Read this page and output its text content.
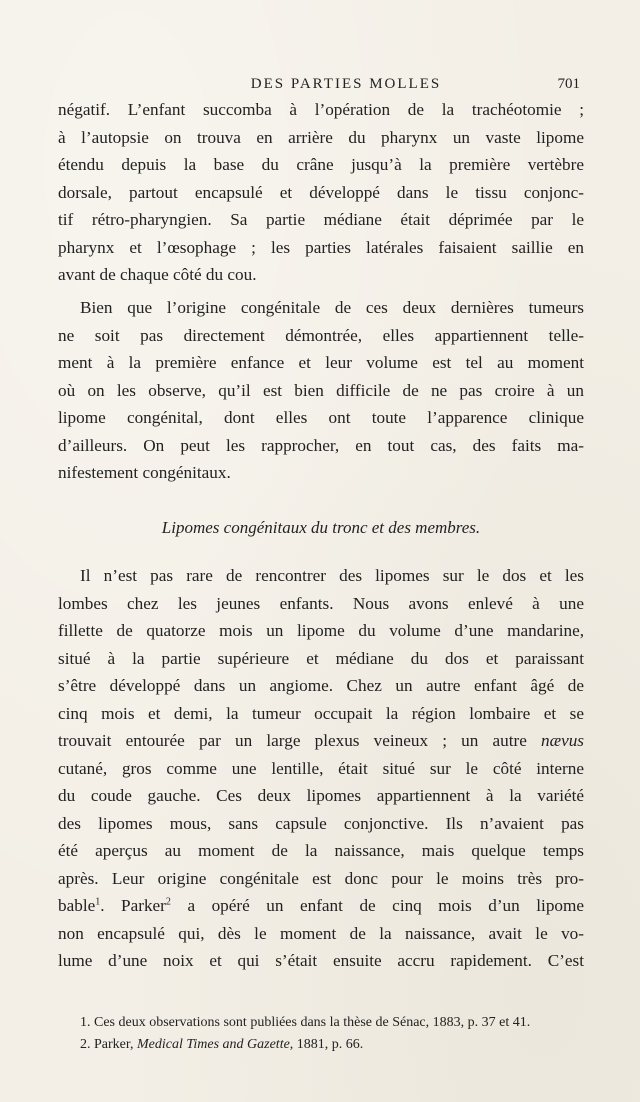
DES PARTIES MOLLES	701
négatif. L’enfant succomba à l’opération de la trachéotomie ;
à l’autopsie on trouva en arrière du pharynx un vaste lipome
étendu depuis la base du crâne jusqu’à la première vertèbre
dorsale, partout encapsulé et développé dans le tissu conjonc-
tif rétro-pharyngien. Sa partie médiane était déprimée par le
pharynx et l’œsophage ; les parties latérales faisaient saillie en
avant de chaque côté du cou.
Bien que l’origine congénitale de ces deux dernières tumeurs
ne soit pas directement démontrée, elles appartiennent telle-
ment à la première enfance et leur volume est tel au moment
où on les observe, qu’il est bien difficile de ne pas croire à un
lipome congénital, dont elles ont toute l’apparence clinique
d’ailleurs. On peut les rapprocher, en tout cas, des faits ma-
nifestement congénitaux.
Lipomes congénitaux du tronc et des membres.
Il n’est pas rare de rencontrer des lipomes sur le dos et les
lombes chez les jeunes enfants. Nous avons enlevé à une
fillette de quatorze mois un lipome du volume d’une mandarine,
situé à la partie supérieure et médiane du dos et paraissant
s’être développé dans un angiome. Chez un autre enfant âgé de
cinq mois et demi, la tumeur occupait la région lombaire et se
trouvait entourée par un large plexus veineux ; un autre nævus
cutané, gros comme une lentille, était situé sur le côté interne
du coude gauche. Ces deux lipomes appartiennent à la variété
des lipomes mous, sans capsule conjonctive. Ils n’avaient pas
été aperçus au moment de la naissance, mais quelque temps
après. Leur origine congénitale est donc pour le moins très pro-
bable$^1$. Parker$^2$ a opéré un enfant de cinq mois d’un lipome
non encapsulé qui, dès le moment de la naissance, avait le vo-
lume d’une noix et qui s’était ensuite accru rapidement. C’est
1. Ces deux observations sont publiées dans la thèse de Sénac, 1883, p. 37 et 41.
2. Parker, Medical Times and Gazette, 1881, p. 66.
